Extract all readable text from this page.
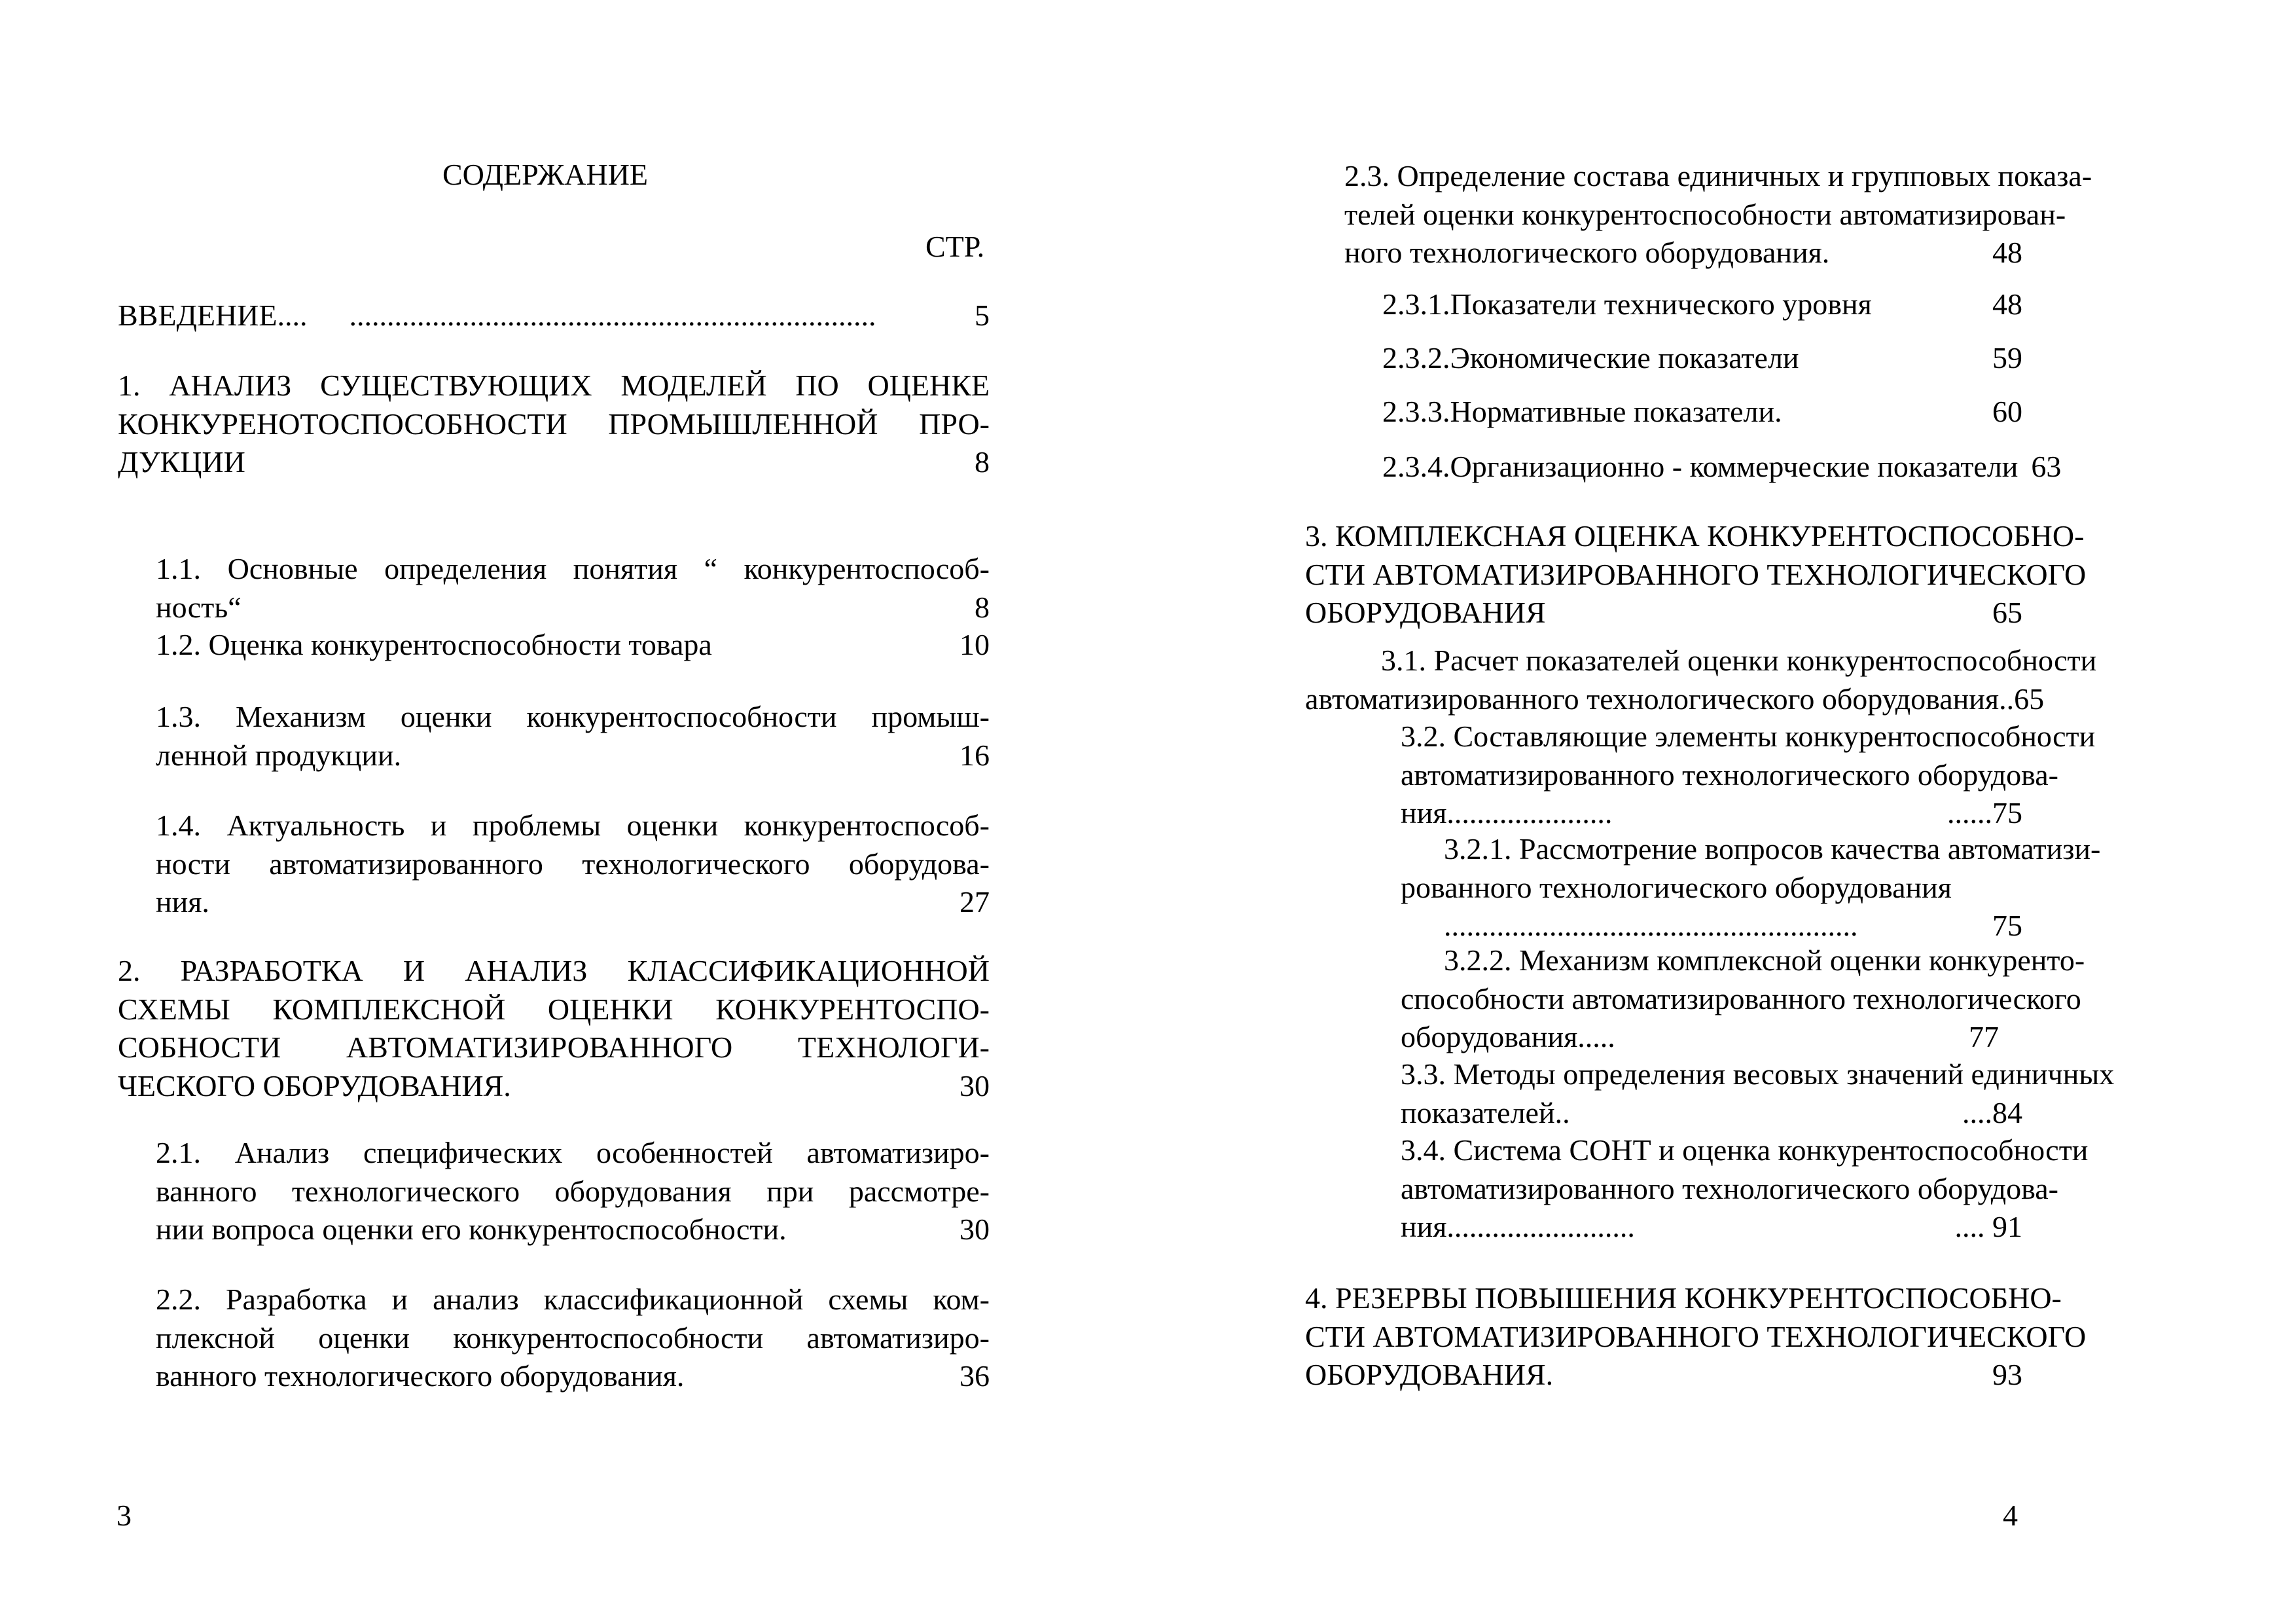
СОДЕРЖАНИЕ
СТР.
ВВЕДЕНИЕ.... ......................................................................	5
1. АНАЛИЗ СУЩЕСТВУЮЩИХ МОДЕЛЕЙ ПО ОЦЕНКЕ
КОНКУРЕНОТОСПОСОБНОСТИ ПРОМЫШЛЕННОЙ ПРО-
ДУКЦИИ	8
1.1. Основные определения понятия “ конкурентоспособ-
ность“	8
1.2. Оценка конкурентоспособности товара	10
1.3. Механизм оценки конкурентоспособности промыш-
ленной продукции.	16
1.4. Актуальность и проблемы оценки конкурентоспособ-
ности автоматизированного технологического оборудова-
ния.	27
2. РАЗРАБОТКА И АНАЛИЗ КЛАССИФИКАЦИОННОЙ
СХЕМЫ КОМПЛЕКСНОЙ ОЦЕНКИ КОНКУРЕНТОСПО-
СОБНОСТИ АВТОМАТИЗИРОВАННОГО ТЕХНОЛОГИ-
ЧЕСКОГО ОБОРУДОВАНИЯ.	30
2.1. Анализ специфических особенностей автоматизиро-
ванного технологического оборудования при рассмотре-
нии вопроса оценки его конкурентоспособности.	30
2.2. Разработка и анализ классификационной схемы ком-
плексной оценки конкурентоспособности автоматизиро-
ванного технологического оборудования.	36
3
2.3. Определение состава единичных и групповых показа-
телей оценки конкурентоспособности автоматизирован-
ного технологического оборудования.	48
2.3.1.Показатели технического уровня	48
2.3.2.Экономические показатели	59
2.3.3.Нормативные показатели.	60
2.3.4.Организационно - коммерческие показатели 63
3. КОМПЛЕКСНАЯ ОЦЕНКА КОНКУРЕНТОСПОСОБНО-
СТИ АВТОМАТИЗИРОВАННОГО ТЕХНОЛОГИЧЕСКОГО
ОБОРУДОВАНИЯ	65
3.1. Расчет показателей оценки конкурентоспособности
автоматизированного технологического оборудования.. 65
3.2. Составляющие элементы конкурентоспособности
автоматизированного технологического оборудова-
ния......................	......75
3.2.1. Рассмотрение вопросов качества автоматизи-
рованного технологического оборудования
.......................................................	75
3.2.2. Механизм комплексной оценки конкуренто-
способности автоматизированного технологического
оборудования.....	77
3.3. Методы определения весовых значений единичных
показателей..	....84
3.4. Система СОНТ и оценка конкурентоспособности
автоматизированного технологического оборудова-
ния.........................	.... 91
4. РЕЗЕРВЫ ПОВЫШЕНИЯ КОНКУРЕНТОСПОСОБНО-
СТИ АВТОМАТИЗИРОВАННОГО ТЕХНОЛОГИЧЕСКОГО
ОБОРУДОВАНИЯ.	93
4
